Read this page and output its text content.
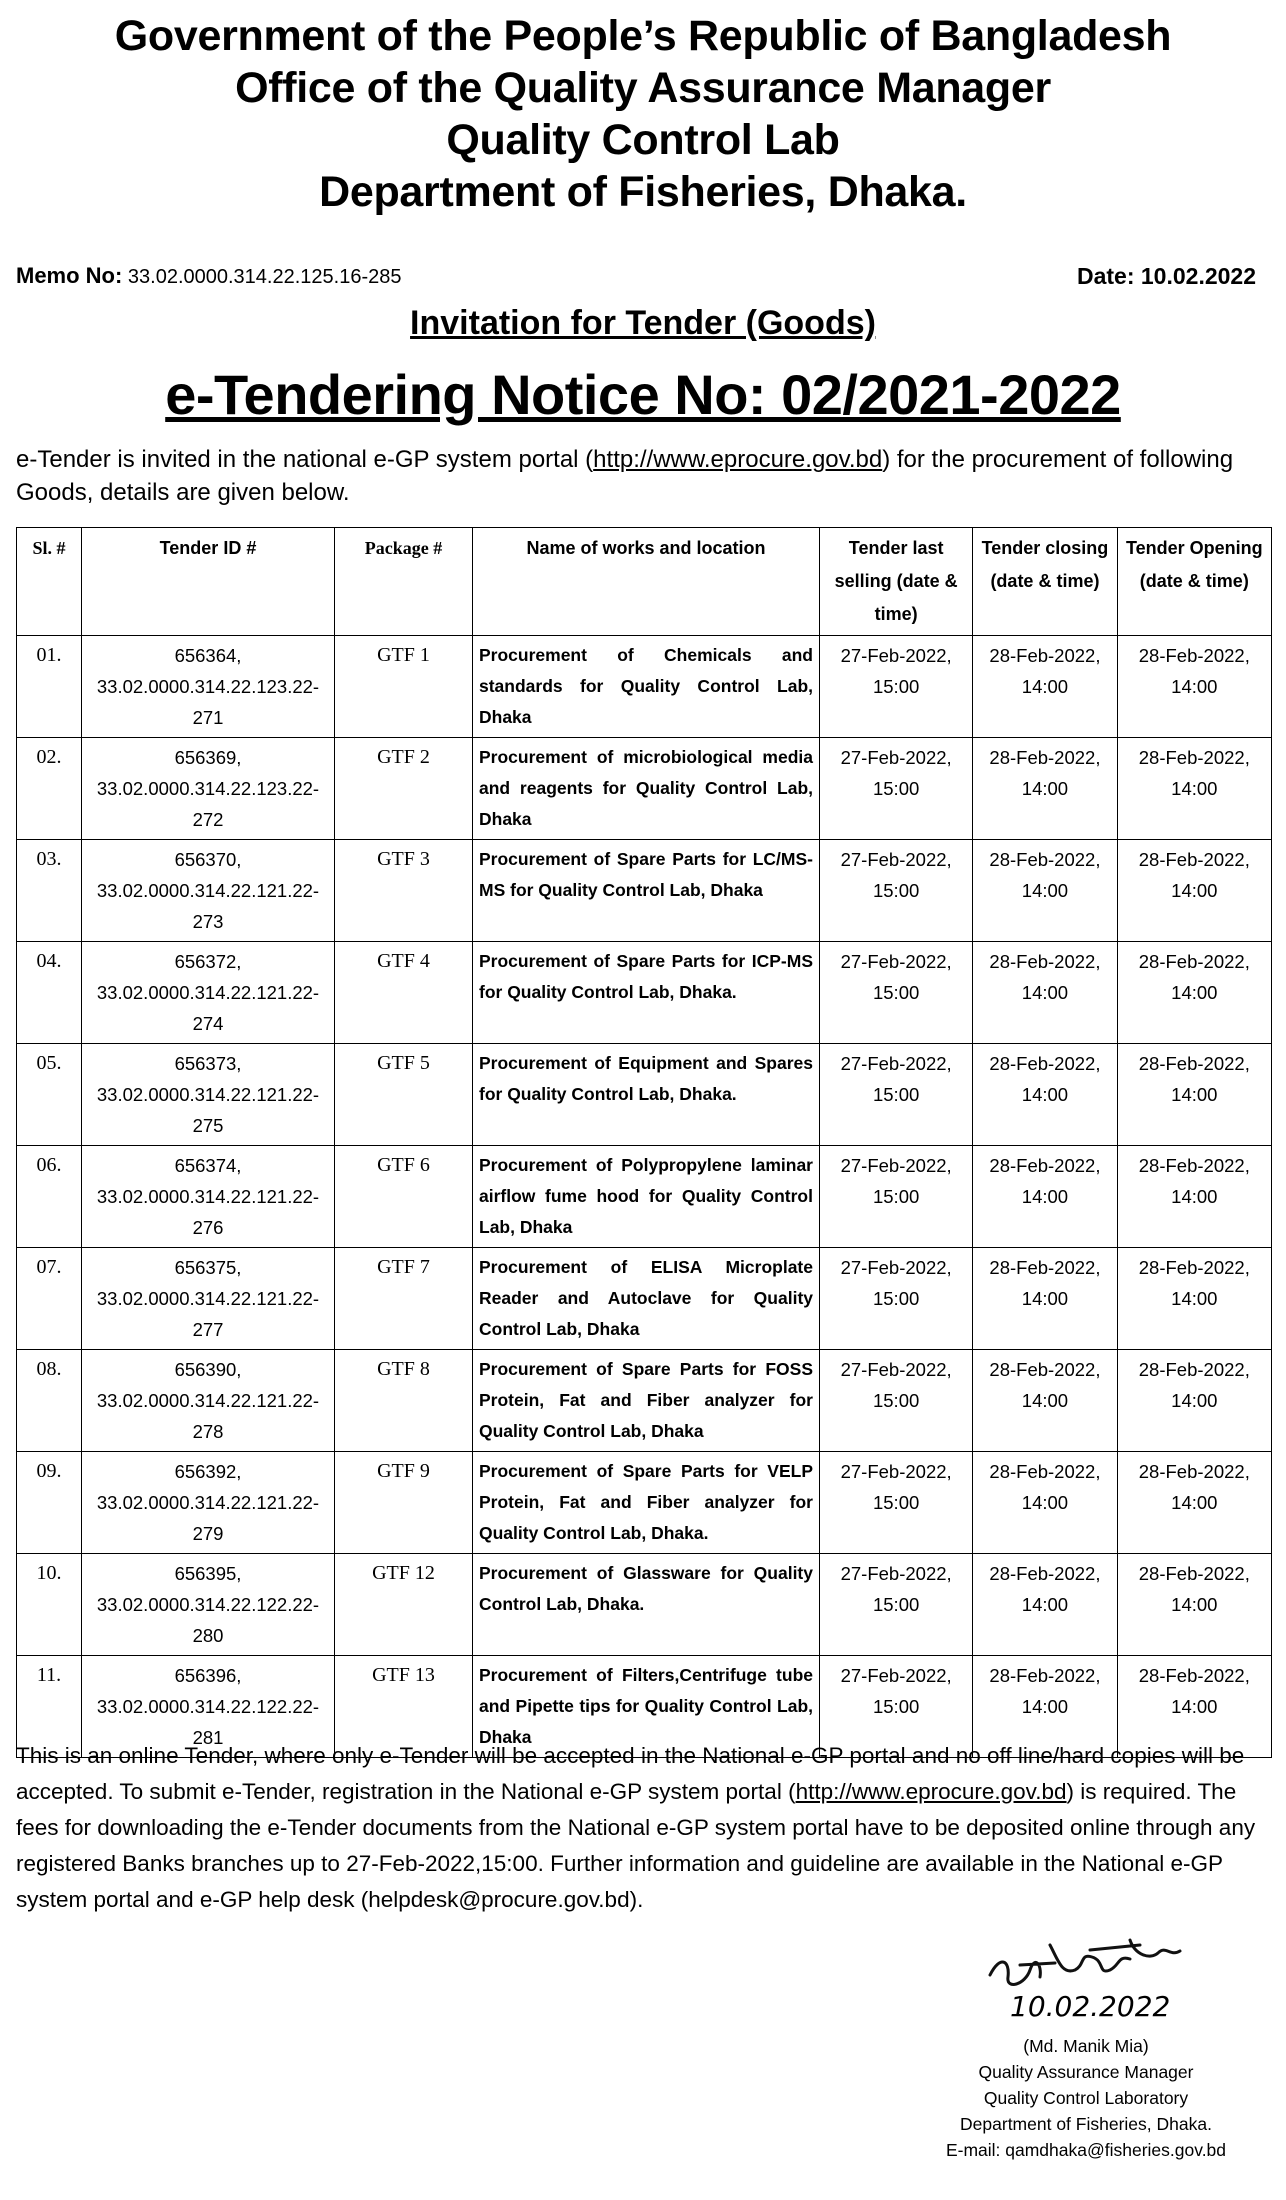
Government of the People’s Republic of Bangladesh
Office of the Quality Assurance Manager
Quality Control Lab
Department of Fisheries, Dhaka.
Memo No: 33.02.0000.314.22.125.16-285	Date: 10.02.2022
Invitation for Tender (Goods)
e-Tendering Notice No: 02/2021-2022
e-Tender is invited in the national e-GP system portal (http://www.eprocure.gov.bd) for the procurement of following Goods, details are given below.
Sl. #	Tender ID #	Package #	Name of works and location	Tender last selling (date & time)	Tender closing (date & time)	Tender Opening (date & time)
01.	656364, 33.02.0000.314.22.123.22-271	GTF 1	Procurement of Chemicals and standards for Quality Control Lab, Dhaka	27-Feb-2022, 15:00	28-Feb-2022, 14:00	28-Feb-2022, 14:00
02.	656369, 33.02.0000.314.22.123.22-272	GTF 2	Procurement of microbiological media and reagents for Quality Control Lab, Dhaka	27-Feb-2022, 15:00	28-Feb-2022, 14:00	28-Feb-2022, 14:00
03.	656370, 33.02.0000.314.22.121.22-273	GTF 3	Procurement of Spare Parts for LC/MS-MS for Quality Control Lab, Dhaka	27-Feb-2022, 15:00	28-Feb-2022, 14:00	28-Feb-2022, 14:00
04.	656372, 33.02.0000.314.22.121.22-274	GTF 4	Procurement of Spare Parts for ICP-MS for Quality Control Lab, Dhaka.	27-Feb-2022, 15:00	28-Feb-2022, 14:00	28-Feb-2022, 14:00
05.	656373, 33.02.0000.314.22.121.22-275	GTF 5	Procurement of Equipment and Spares for Quality Control Lab, Dhaka.	27-Feb-2022, 15:00	28-Feb-2022, 14:00	28-Feb-2022, 14:00
06.	656374, 33.02.0000.314.22.121.22-276	GTF 6	Procurement of Polypropylene laminar airflow fume hood for Quality Control Lab, Dhaka	27-Feb-2022, 15:00	28-Feb-2022, 14:00	28-Feb-2022, 14:00
07.	656375, 33.02.0000.314.22.121.22-277	GTF 7	Procurement of ELISA Microplate Reader and Autoclave for Quality Control Lab, Dhaka	27-Feb-2022, 15:00	28-Feb-2022, 14:00	28-Feb-2022, 14:00
08.	656390, 33.02.0000.314.22.121.22-278	GTF 8	Procurement of Spare Parts for FOSS Protein, Fat and Fiber analyzer for Quality Control Lab, Dhaka	27-Feb-2022, 15:00	28-Feb-2022, 14:00	28-Feb-2022, 14:00
09.	656392, 33.02.0000.314.22.121.22-279	GTF 9	Procurement of Spare Parts for VELP Protein, Fat and Fiber analyzer for Quality Control Lab, Dhaka.	27-Feb-2022, 15:00	28-Feb-2022, 14:00	28-Feb-2022, 14:00
10.	656395, 33.02.0000.314.22.122.22-280	GTF 12	Procurement of Glassware for Quality Control Lab, Dhaka.	27-Feb-2022, 15:00	28-Feb-2022, 14:00	28-Feb-2022, 14:00
11.	656396, 33.02.0000.314.22.122.22-281	GTF 13	Procurement of Filters,Centrifuge tube and Pipette tips for Quality Control Lab, Dhaka	27-Feb-2022, 15:00	28-Feb-2022, 14:00	28-Feb-2022, 14:00
This is an online Tender, where only e-Tender will be accepted in the National e-GP portal and no off line/hard copies will be accepted. To submit e-Tender, registration in the National e-GP system portal (http://www.eprocure.gov.bd) is required. The fees for downloading the e-Tender documents from the National e-GP system portal have to be deposited online through any registered Banks branches up to 27-Feb-2022,15:00. Further information and guideline are available in the National e-GP system portal and e-GP help desk (helpdesk@procure.gov.bd).
10.02.2022
(Md. Manik Mia)
Quality Assurance Manager
Quality Control Laboratory
Department of Fisheries, Dhaka.
E-mail: qamdhaka@fisheries.gov.bd
